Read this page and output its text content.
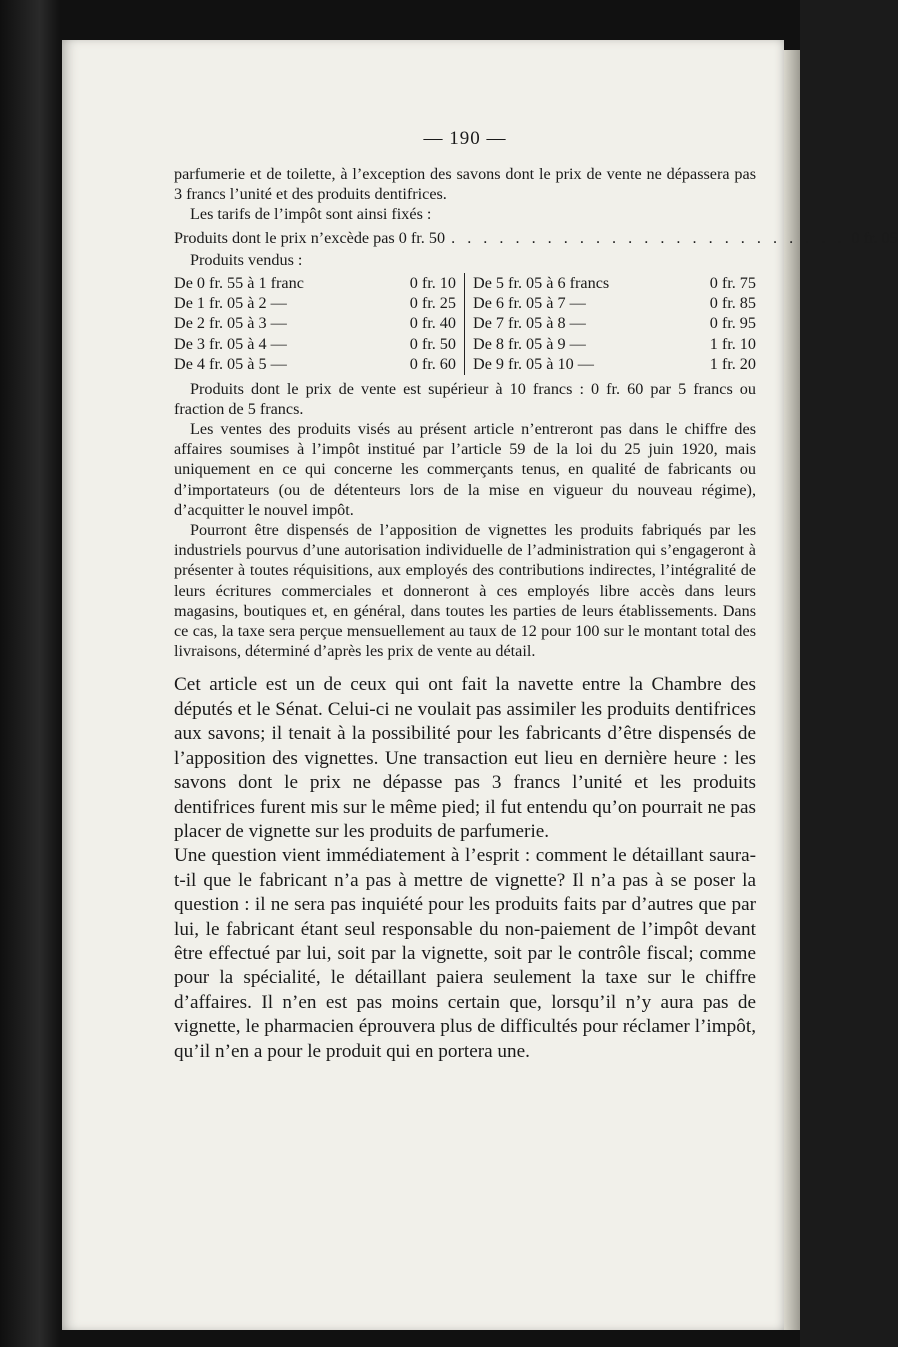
— 190 —

parfumerie et de toilette, à l’exception des savons dont le prix de vente ne dépassera pas 3 francs l’unité et des produits dentifrices.

Les tarifs de l’impôt sont ainsi fixés :

Produits dont le prix n’excède pas 0 fr. 50 . . . . . . . . . . . . . . . . . . . . . . . . . 0 fr. 05
Produits vendus :
De 0 fr. 55 à 1 franc	0 fr. 10
De 1 fr. 05 à 2 —	0 fr. 25
De 2 fr. 05 à 3 —	0 fr. 40
De 3 fr. 05 à 4 —	0 fr. 50
De 4 fr. 05 à 5 —	0 fr. 60
De 5 fr. 05 à 6 francs	0 fr. 75
De 6 fr. 05 à 7 —	0 fr. 85
De 7 fr. 05 à 8 —	0 fr. 95
De 8 fr. 05 à 9 —	1 fr. 10
De 9 fr. 05 à 10 —	1 fr. 20

Produits dont le prix de vente est supérieur à 10 francs : 0 fr. 60 par 5 francs ou fraction de 5 francs.

Les ventes des produits visés au présent article n’entreront pas dans le chiffre des affaires soumises à l’impôt institué par l’article 59 de la loi du 25 juin 1920, mais uniquement en ce qui concerne les commerçants tenus, en qualité de fabricants ou d’importateurs (ou de détenteurs lors de la mise en vigueur du nouveau régime), d’acquitter le nouvel impôt.

Pourront être dispensés de l’apposition de vignettes les produits fabriqués par les industriels pourvus d’une autorisation individuelle de l’administration qui s’engageront à présenter à toutes réquisitions, aux employés des contributions indirectes, l’intégralité de leurs écritures commerciales et donneront à ces employés libre accès dans leurs magasins, boutiques et, en général, dans toutes les parties de leurs établissements. Dans ce cas, la taxe sera perçue mensuellement au taux de 12 pour 100 sur le montant total des livraisons, déterminé d’après les prix de vente au détail.

Cet article est un de ceux qui ont fait la navette entre la Chambre des députés et le Sénat. Celui-ci ne voulait pas assimiler les produits dentifrices aux savons; il tenait à la possibilité pour les fabricants d’être dispensés de l’apposition des vignettes. Une transaction eut lieu en dernière heure : les savons dont le prix ne dépasse pas 3 francs l’unité et les produits dentifrices furent mis sur le même pied; il fut entendu qu’on pourrait ne pas placer de vignette sur les produits de parfumerie.

Une question vient immédiatement à l’esprit : comment le détaillant saura-t-il que le fabricant n’a pas à mettre de vignette? Il n’a pas à se poser la question : il ne sera pas inquiété pour les produits faits par d’autres que par lui, le fabricant étant seul responsable du non-paiement de l’impôt devant être effectué par lui, soit par la vignette, soit par le contrôle fiscal; comme pour la spécialité, le détaillant paiera seulement la taxe sur le chiffre d’affaires. Il n’en est pas moins certain que, lorsqu’il n’y aura pas de vignette, le pharmacien éprouvera plus de difficultés pour réclamer l’impôt, qu’il n’en a pour le produit qui en portera une.
